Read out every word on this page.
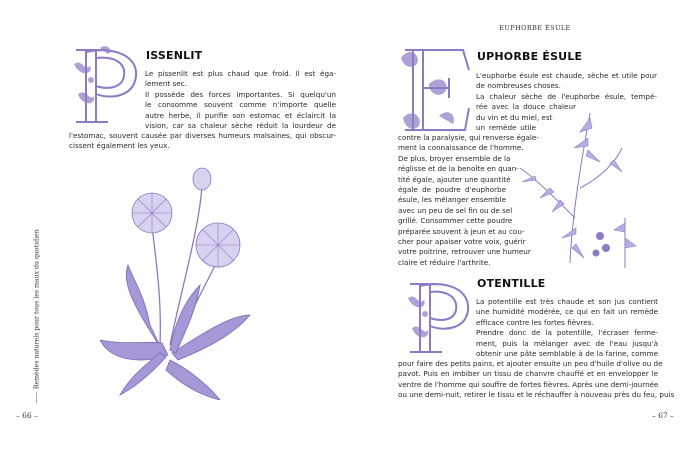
ISSENLIT
Le pissenlit est plus chaud que froid. Il est éga-
lement sec.
Il possède des forces importantes. Si quelqu'un
le consomme souvent comme n'importe quelle
autre herbe, il purifie son estomac et éclaircit la
vision, car sa chaleur sèche réduit la lourdeur de
l'estomac, souvent causée par diverses humeurs malsaines, qui obscur-
cissent également les yeux.
—— Remèdes naturels pour tous les maux du quotidien
– 66 –
EUPHORBE ÉSULE
UPHORBE ÉSULE
L'euphorbe ésule est chaude, sèche et utile pour
de nombreuses choses.
La chaleur sèche de l'euphorbe ésule, tempé-
rée avec la douce chaleur
du vin et du miel, est
un remède utile
contre la paralysie, qui renverse égale-
ment la connaissance de l'homme.
De plus, broyer ensemble de la
réglisse et de la benoîte en quan-
tité égale, ajouter une quantité
égale de poudre d'euphorbe
ésule, les mélanger ensemble
avec un peu de sel fin ou de sel
grillé. Consommer cette poudre
préparée souvent à jeun et au cou-
cher pour apaiser votre voix, guérir
votre poitrine, retrouver une humeur
claire et réduire l'arthrite.
OTENTILLE
La potentille est très chaude et son jus contient
une humidité modérée, ce qui en fait un remède
efficace contre les fortes fièvres.
Prendre donc de la potentille, l'écraser ferme-
ment, puis la mélanger avec de l'eau jusqu'à
obtenir une pâte semblable à de la farine, comme
pour faire des petits pains, et ajouter ensuite un peu d'huile d'olive ou de
pavot. Puis en imbiber un tissu de chanvre chauffé et en envelopper le
ventre de l'homme qui souffre de fortes fièvres. Après une demi-journée
ou une demi-nuit, retirer le tissu et le réchauffer à nouveau près du feu, puis
– 67 –
